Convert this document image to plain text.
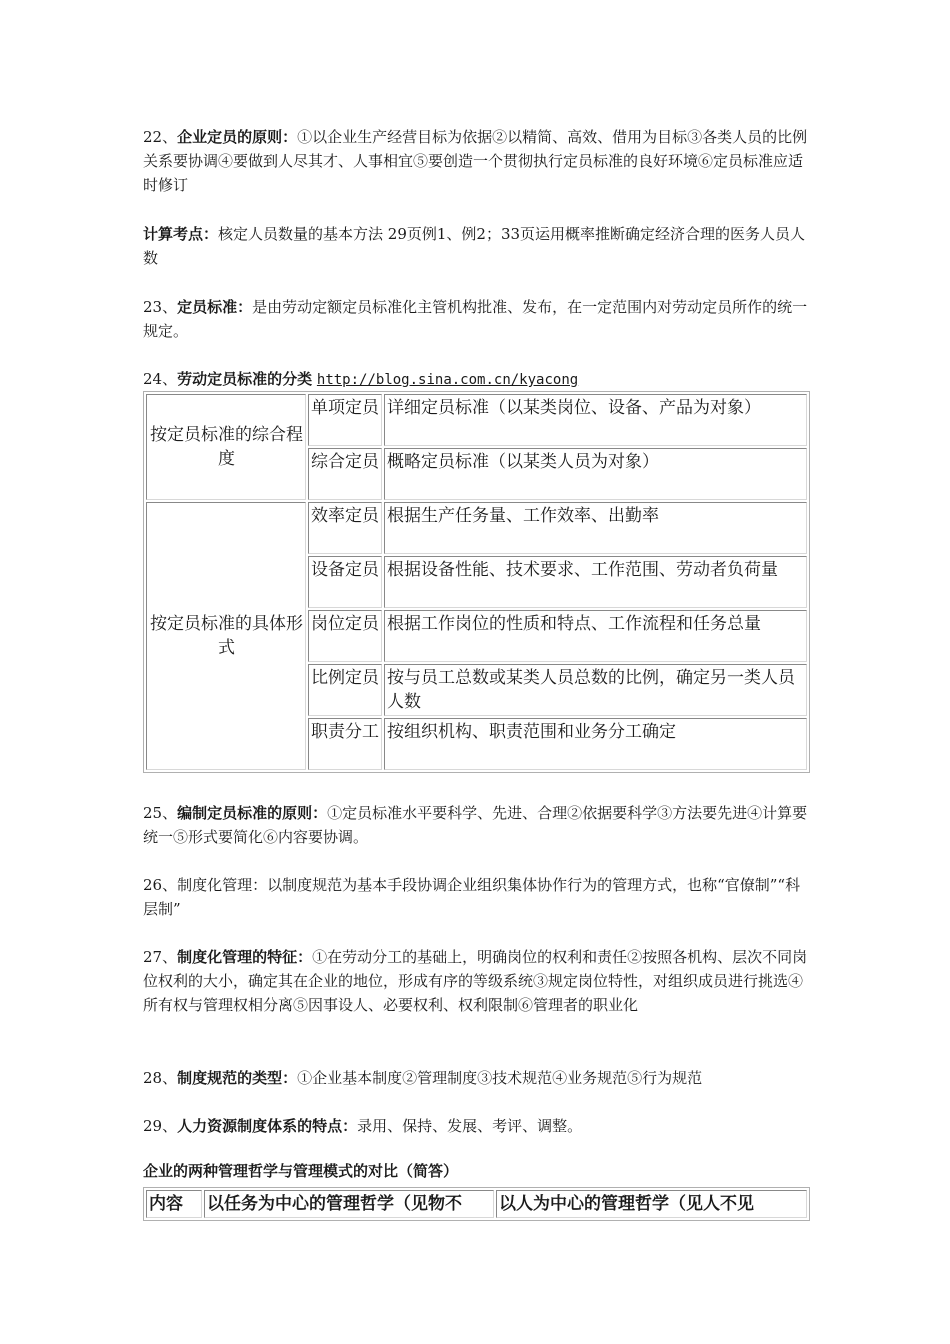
22、企业定员的原则：①以企业生产经营目标为依据②以精简、高效、借用为目标③各类人员的比例关系要协调④要做到人尽其才、人事相宜⑤要创造一个贯彻执行定员标准的良好环境⑥定员标准应适时修订

计算考点：核定人员数量的基本方法 29页例1、例2；33页运用概率推断确定经济合理的医务人员人数

23、定员标准：是由劳动定额定员标准化主管机构批准、发布，在一定范围内对劳动定员所作的统一规定。

24、劳动定员标准的分类 http://blog.sina.com.cn/kyacong

按定员标准的综合程度	单项定员	详细定员标准（以某类岗位、设备、产品为对象）
	综合定员	概略定员标准（以某类人员为对象）
按定员标准的具体形式	效率定员	根据生产任务量、工作效率、出勤率
	设备定员	根据设备性能、技术要求、工作范围、劳动者负荷量
	岗位定员	根据工作岗位的性质和特点、工作流程和任务总量
	比例定员	按与员工总数或某类人员总数的比例，确定另一类人员人数
	职责分工	按组织机构、职责范围和业务分工确定

25、编制定员标准的原则：①定员标准水平要科学、先进、合理②依据要科学③方法要先进④计算要统一⑤形式要简化⑥内容要协调。

26、制度化管理：以制度规范为基本手段协调企业组织集体协作行为的管理方式，也称“官僚制”“科层制”

27、制度化管理的特征：①在劳动分工的基础上，明确岗位的权利和责任②按照各机构、层次不同岗位权利的大小，确定其在企业的地位，形成有序的等级系统③规定岗位特性，对组织成员进行挑选④所有权与管理权相分离⑤因事设人、必要权利、权利限制⑥管理者的职业化

28、制度规范的类型：①企业基本制度②管理制度③技术规范④业务规范⑤行为规范

29、人力资源制度体系的特点：录用、保持、发展、考评、调整。

企业的两种管理哲学与管理模式的对比（简答）

内容	以任务为中心的管理哲学（见物不	以人为中心的管理哲学（见人不见
